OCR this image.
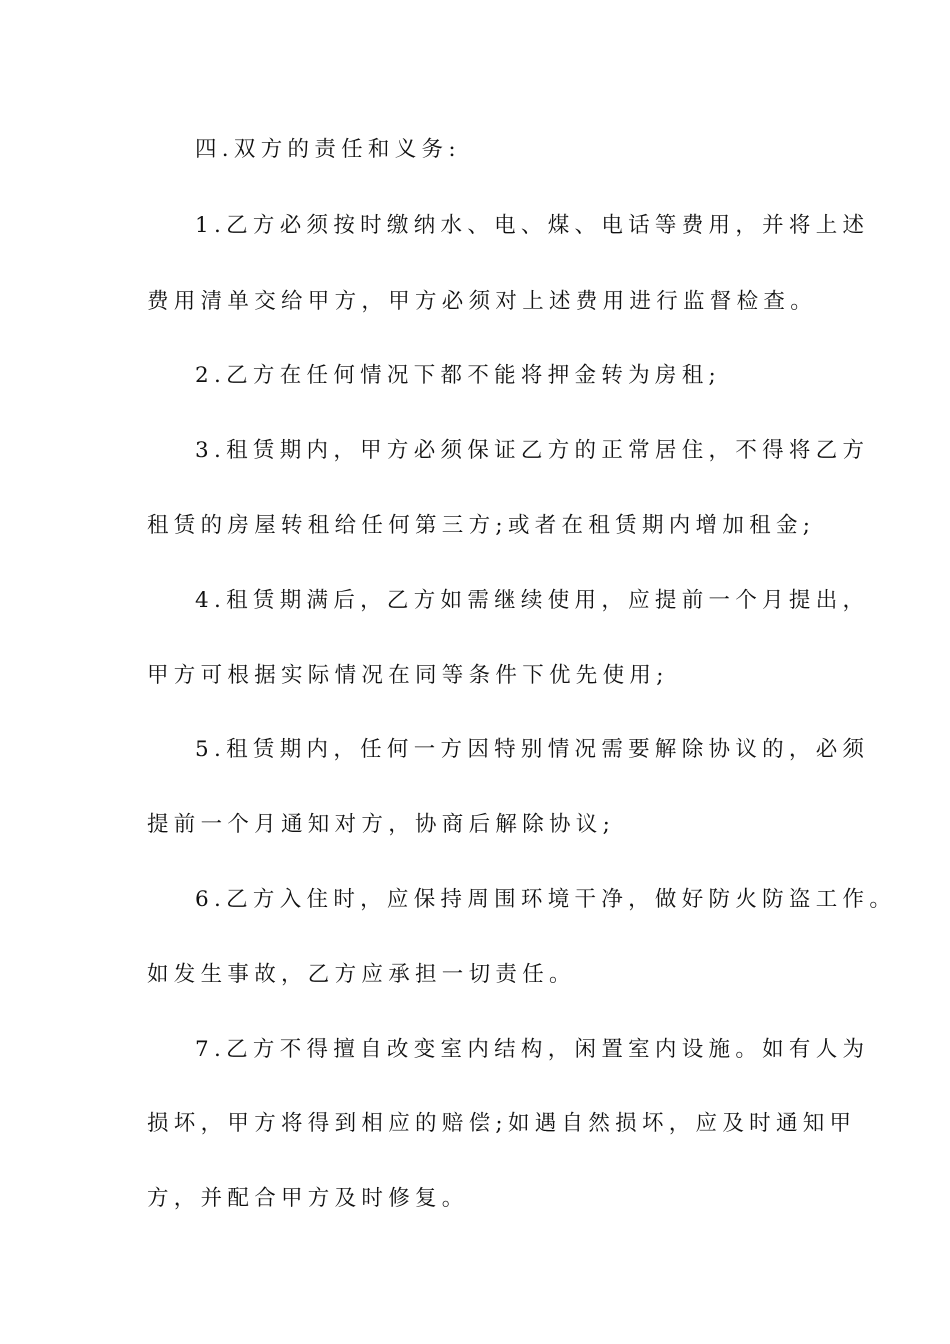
四.双方的责任和义务:
1.乙方必须按时缴纳水、电、煤、电话等费用，并将上述
费用清单交给甲方，甲方必须对上述费用进行监督检查。
2.乙方在任何情况下都不能将押金转为房租;
3.租赁期内，甲方必须保证乙方的正常居住，不得将乙方
租赁的房屋转租给任何第三方;或者在租赁期内增加租金;
4.租赁期满后，乙方如需继续使用，应提前一个月提出，
甲方可根据实际情况在同等条件下优先使用;
5.租赁期内，任何一方因特别情况需要解除协议的，必须
提前一个月通知对方，协商后解除协议;
6.乙方入住时，应保持周围环境干净，做好防火防盗工作。
如发生事故，乙方应承担一切责任。
7.乙方不得擅自改变室内结构，闲置室内设施。如有人为
损坏，甲方将得到相应的赔偿;如遇自然损坏，应及时通知甲
方，并配合甲方及时修复。
